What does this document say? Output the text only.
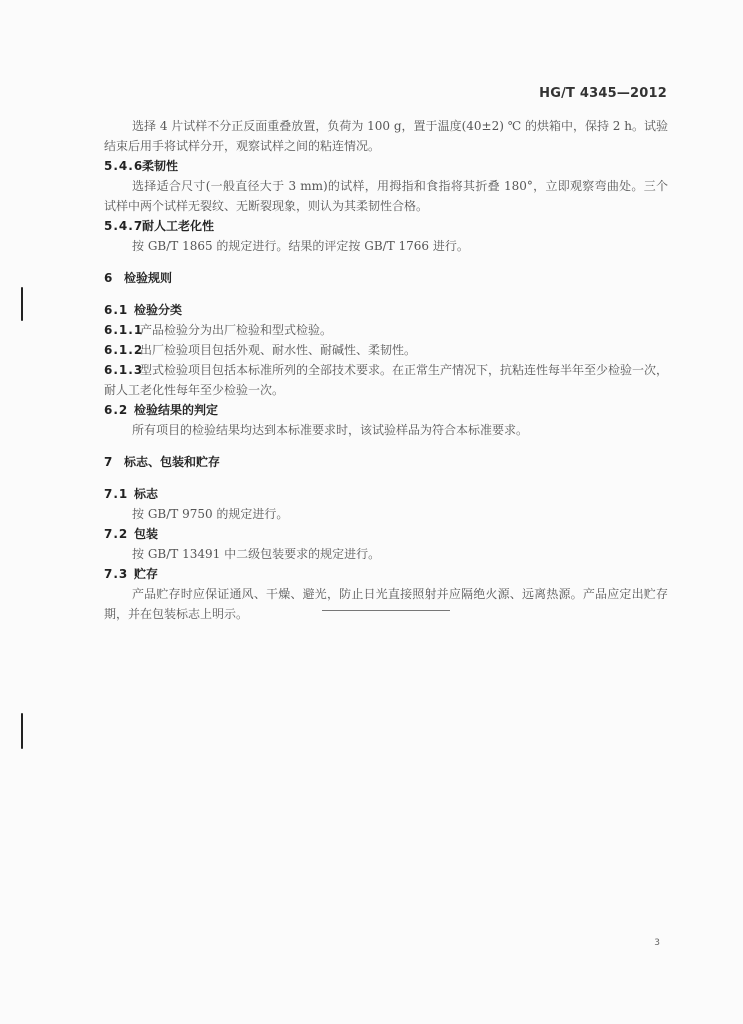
HG/T 4345—2012

选择 4 片试样不分正反面重叠放置，负荷为 100 g，置于温度(40±2) ℃ 的烘箱中，保持 2 h。试验结束后用手将试样分开，观察试样之间的粘连情况。

5.4.6柔韧性

选择适合尺寸(一般直径大于 3 mm)的试样，用拇指和食指将其折叠 180°，立即观察弯曲处。三个试样中两个试样无裂纹、无断裂现象，则认为其柔韧性合格。

5.4.7耐人工老化性

按 GB/T 1865 的规定进行。结果的评定按 GB/T 1766 进行。

6 检验规则

6.1 检验分类

6.1.1产品检验分为出厂检验和型式检验。

6.1.2出厂检验项目包括外观、耐水性、耐碱性、柔韧性。

6.1.3型式检验项目包括本标准所列的全部技术要求。在正常生产情况下，抗粘连性每半年至少检验一次，耐人工老化性每年至少检验一次。

6.2 检验结果的判定

所有项目的检验结果均达到本标准要求时，该试验样品为符合本标准要求。

7 标志、包装和贮存

7.1 标志

按 GB/T 9750 的规定进行。

7.2 包装

按 GB/T 13491 中二级包装要求的规定进行。

7.3 贮存

产品贮存时应保证通风、干燥、避光，防止日光直接照射并应隔绝火源、远离热源。产品应定出贮存期，并在包装标志上明示。

3
